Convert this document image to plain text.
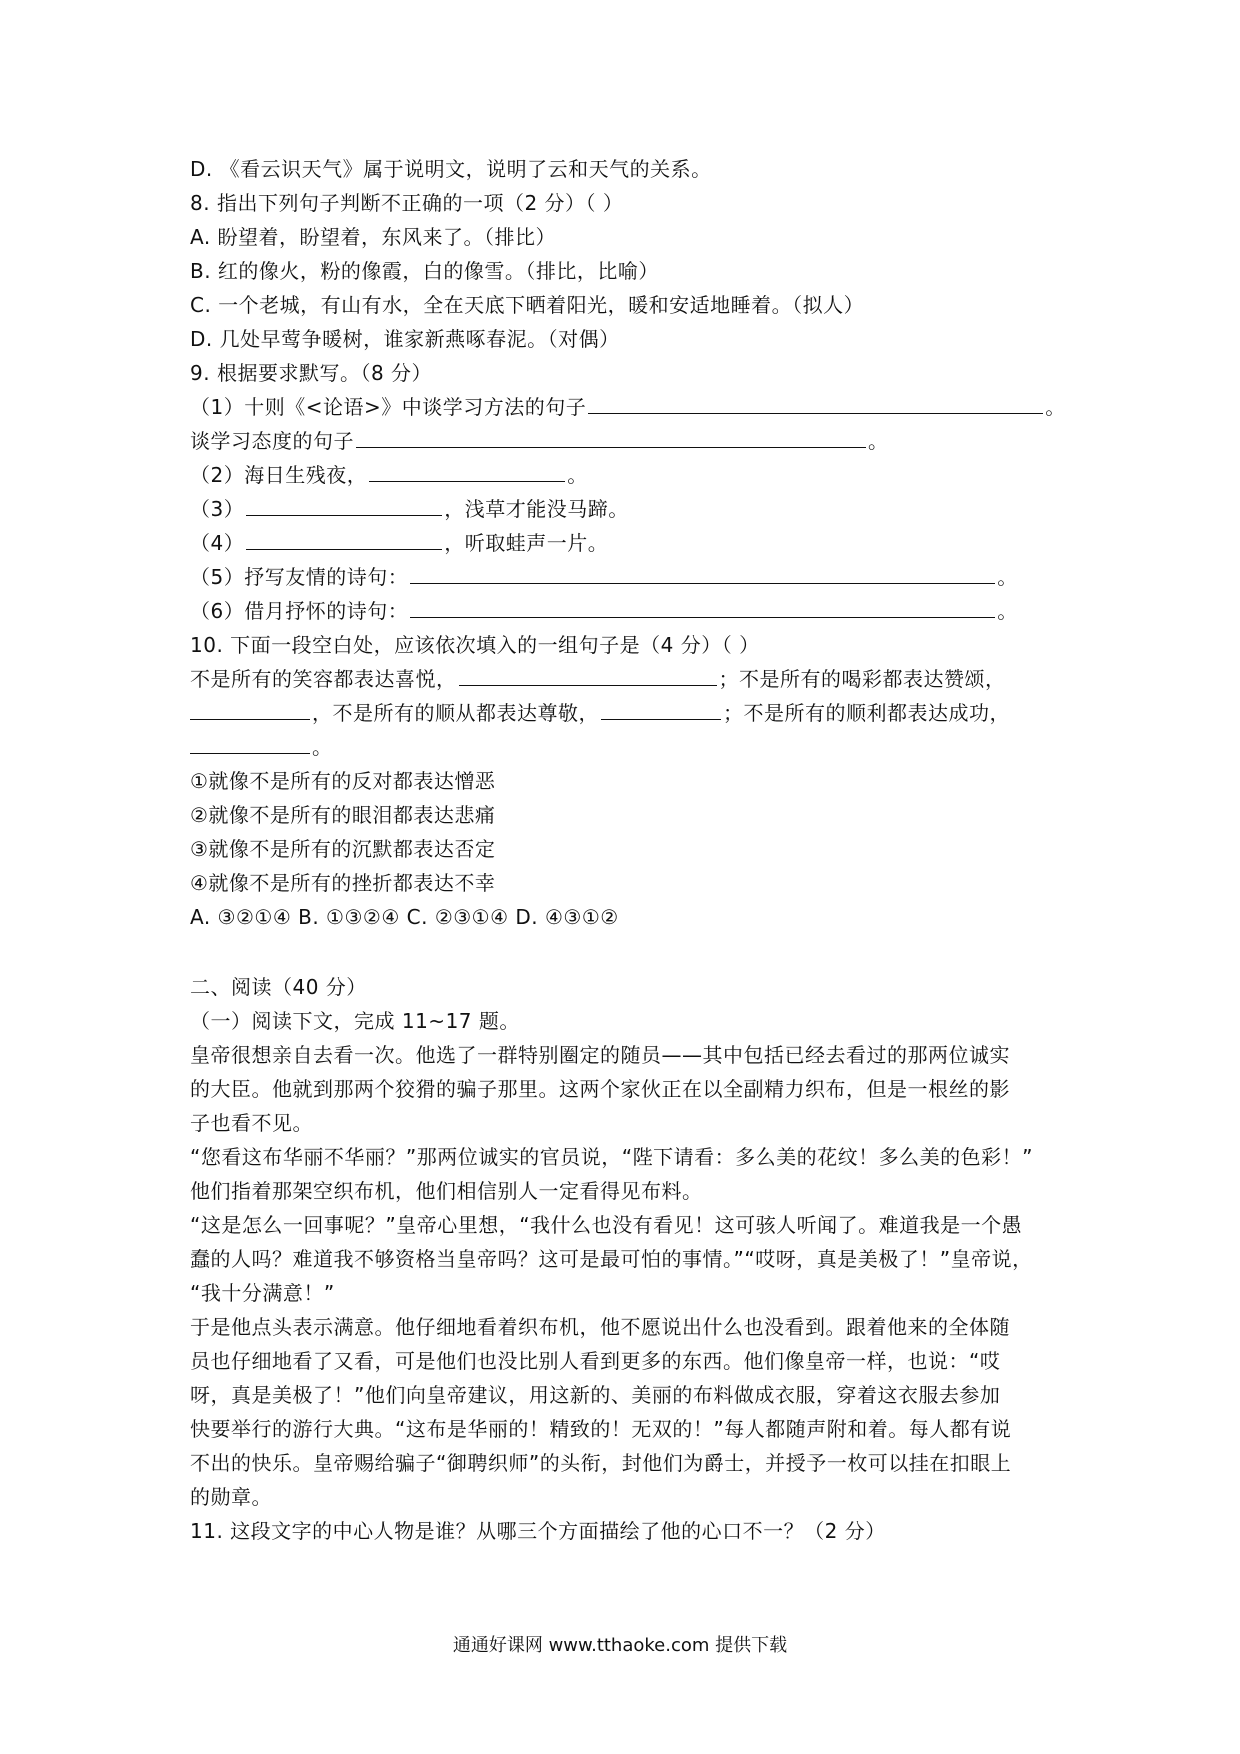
D. 《看云识天气》属于说明文，说明了云和天气的关系。
8. 指出下列句子判断不正确的一项（2 分）（ ）
A. 盼望着，盼望着，东风来了。（排比）
B. 红的像火，粉的像霞，白的像雪。（排比，比喻）
C. 一个老城，有山有水，全在天底下晒着阳光，暖和安适地睡着。（拟人）
D. 几处早莺争暖树，谁家新燕啄春泥。（对偶）
9. 根据要求默写。（8 分）
（1）十则《<论语>》中谈学习方法的句子	。
谈学习态度的句子	。
（2）海日生残夜，	。
（3）	，浅草才能没马蹄。
（4）	，听取蛙声一片。
（5）抒写友情的诗句：	。
（6）借月抒怀的诗句：	。
10. 下面一段空白处，应该依次填入的一组句子是（4 分）（ ）
不是所有的笑容都表达喜悦，	；不是所有的喝彩都表达赞颂，
，不是所有的顺从都表达尊敬，	；不是所有的顺利都表达成功，
。
①就像不是所有的反对都表达憎恶
②就像不是所有的眼泪都表达悲痛
③就像不是所有的沉默都表达否定
④就像不是所有的挫折都表达不幸
A. ③②①④ B. ①③②④ C. ②③①④ D. ④③①②
二、阅读（40 分）
（一）阅读下文，完成 11~17 题。
皇帝很想亲自去看一次。他选了一群特别圈定的随员——其中包括已经去看过的那两位诚实
的大臣。他就到那两个狡猾的骗子那里。这两个家伙正在以全副精力织布，但是一根丝的影
子也看不见。
“您看这布华丽不华丽？”那两位诚实的官员说，“陛下请看：多么美的花纹！多么美的色彩！”
他们指着那架空织布机，他们相信别人一定看得见布料。
“这是怎么一回事呢？”皇帝心里想，“我什么也没有看见！这可骇人听闻了。难道我是一个愚
蠢的人吗？难道我不够资格当皇帝吗？这可是最可怕的事情。”“哎呀，真是美极了！”皇帝说，
“我十分满意！”
于是他点头表示满意。他仔细地看着织布机，他不愿说出什么也没看到。跟着他来的全体随
员也仔细地看了又看，可是他们也没比别人看到更多的东西。他们像皇帝一样，也说：“哎
呀，真是美极了！”他们向皇帝建议，用这新的、美丽的布料做成衣服，穿着这衣服去参加
快要举行的游行大典。“这布是华丽的！精致的！无双的！”每人都随声附和着。每人都有说
不出的快乐。皇帝赐给骗子“御聘织师”的头衔，封他们为爵士，并授予一枚可以挂在扣眼上
的勋章。
11. 这段文字的中心人物是谁？从哪三个方面描绘了他的心口不一？（2 分）
通通好课网 www.tthaoke.com 提供下载
